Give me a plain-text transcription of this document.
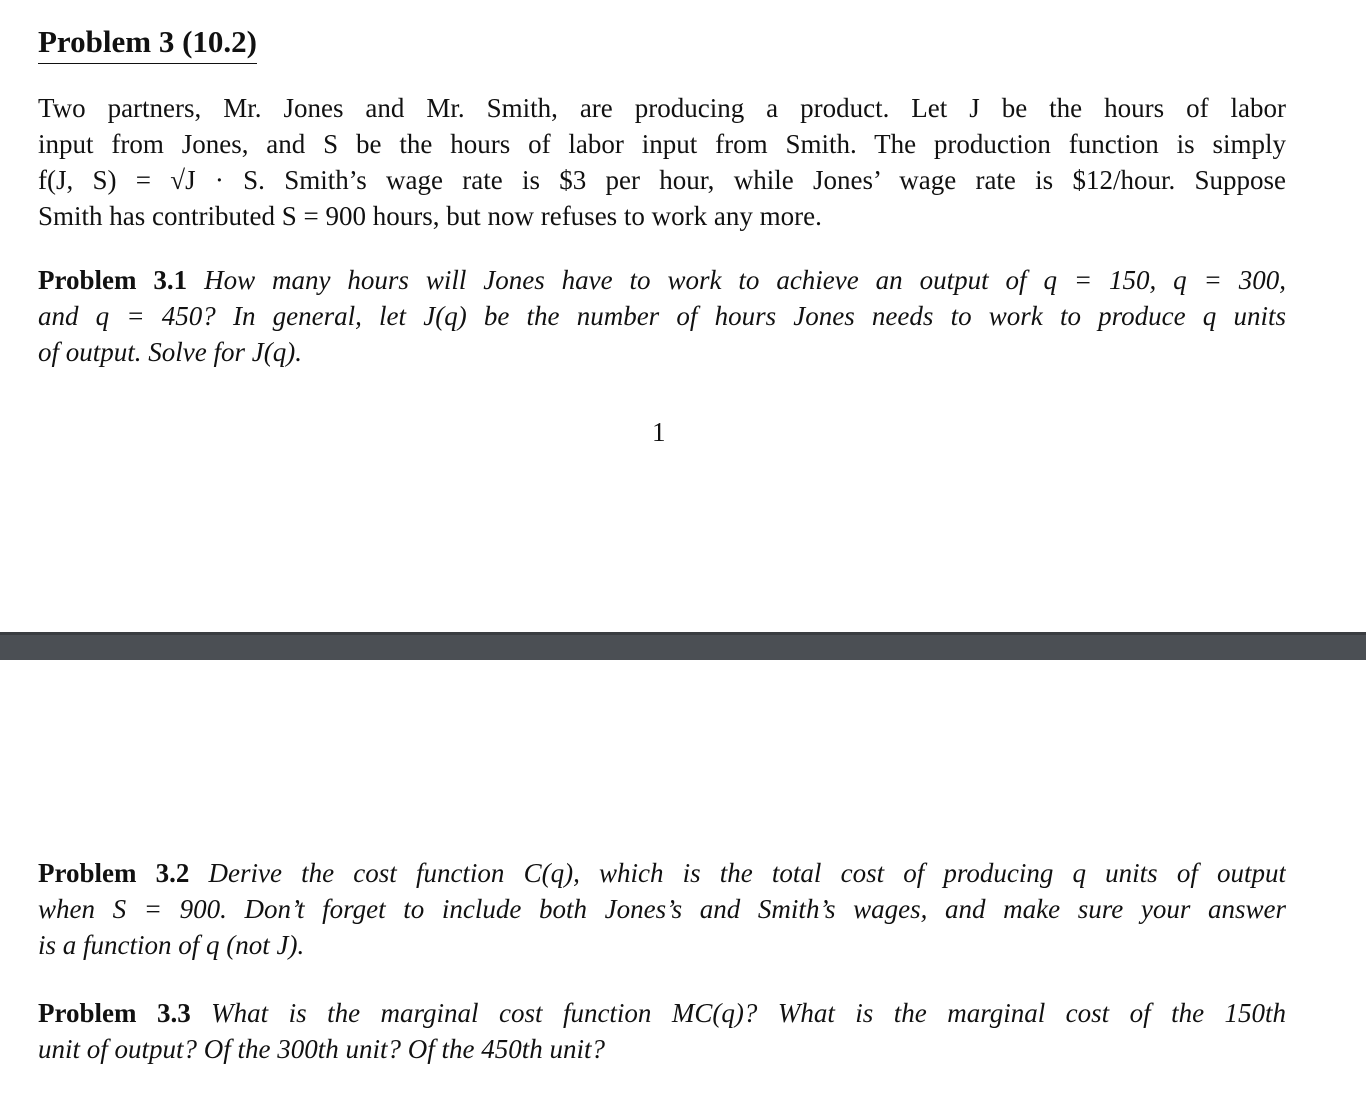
Problem 3 (10.2)
Two partners, Mr. Jones and Mr. Smith, are producing a product. Let J be the hours of labor
input from Jones, and S be the hours of labor input from Smith. The production function is simply
f(J, S) = √J · S. Smith’s wage rate is $3 per hour, while Jones’ wage rate is $12/hour. Suppose
Smith has contributed S = 900 hours, but now refuses to work any more.
Problem 3.1 How many hours will Jones have to work to achieve an output of q = 150, q = 300,
and q = 450? In general, let J(q) be the number of hours Jones needs to work to produce q units
of output. Solve for J(q).
1
Problem 3.2 Derive the cost function C(q), which is the total cost of producing q units of output
when S = 900. Don’t forget to include both Jones’s and Smith’s wages, and make sure your answer
is a function of q (not J).
Problem 3.3 What is the marginal cost function MC(q)? What is the marginal cost of the 150th
unit of output? Of the 300th unit? Of the 450th unit?
